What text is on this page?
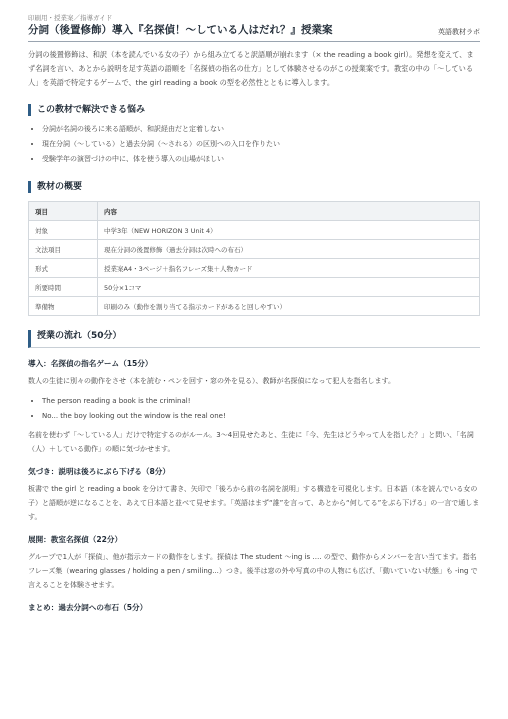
印刷用・授業案／指導ガイド
分詞（後置修飾）導入『名探偵！〜している人はだれ？』授業案	英語教材ラボ
分詞の後置修飾は、和訳（本を読んでいる女の子）から組み立てると訳語順が崩れます（× the reading a book girl）。発想を変えて、まず名詞を言い、あとから説明を足す英語の語順を「名探偵の指名の仕方」として体験させるのがこの授業案です。教室の中の「〜している人」を英語で特定するゲームで、the girl reading a book の型を必然性とともに導入します。
この教材で解決できる悩み
• 分詞が名詞の後ろに来る語順が、和訳経由だと定着しない
• 現在分詞（〜している）と過去分詞（〜される）の区別への入口を作りたい
• 受験学年の演習づけの中に、体を使う導入の山場がほしい
教材の概要
項目	内容
対象	中学3年（NEW HORIZON 3 Unit 4）
文法項目	現在分詞の後置修飾（過去分詞は次時への布石）
形式	授業案A4・3ページ＋指名フレーズ集＋人物カード
所要時間	50分×1コマ
準備物	印刷のみ（動作を割り当てる指示カードがあると回しやすい）
授業の流れ（50分）
導入：名探偵の指名ゲーム（15分）
数人の生徒に別々の動作をさせ（本を読む・ペンを回す・窓の外を見る）、教師が名探偵になって犯人を指名します。
• The person reading a book is the criminal!
• No... the boy looking out the window is the real one!
名前を使わず「〜している人」だけで特定するのがルール。3〜4回見せたあと、生徒に「今、先生はどうやって人を指した？」と問い、「名詞（人）＋している動作」の順に気づかせます。
気づき：説明は後ろにぶら下げる（8分）
板書で the girl と reading a book を分けて書き、矢印で「後ろから前の名詞を説明」する構造を可視化します。日本語（本を読んでいる女の子）と語順が逆になることを、あえて日本語と並べて見せます。「英語はまず“誰”を言って、あとから“何してる”をぶら下げる」の一言で通します。
展開：教室名探偵（22分）
グループで1人が「探偵」、他が指示カードの動作をします。探偵は The student 〜ing is …. の型で、動作からメンバーを言い当てます。指名フレーズ集（wearing glasses / holding a pen / smiling...）つき。後半は窓の外や写真の中の人物にも広げ、「動いていない状態」も -ing で言えることを体験させます。
まとめ：過去分詞への布石（5分）
